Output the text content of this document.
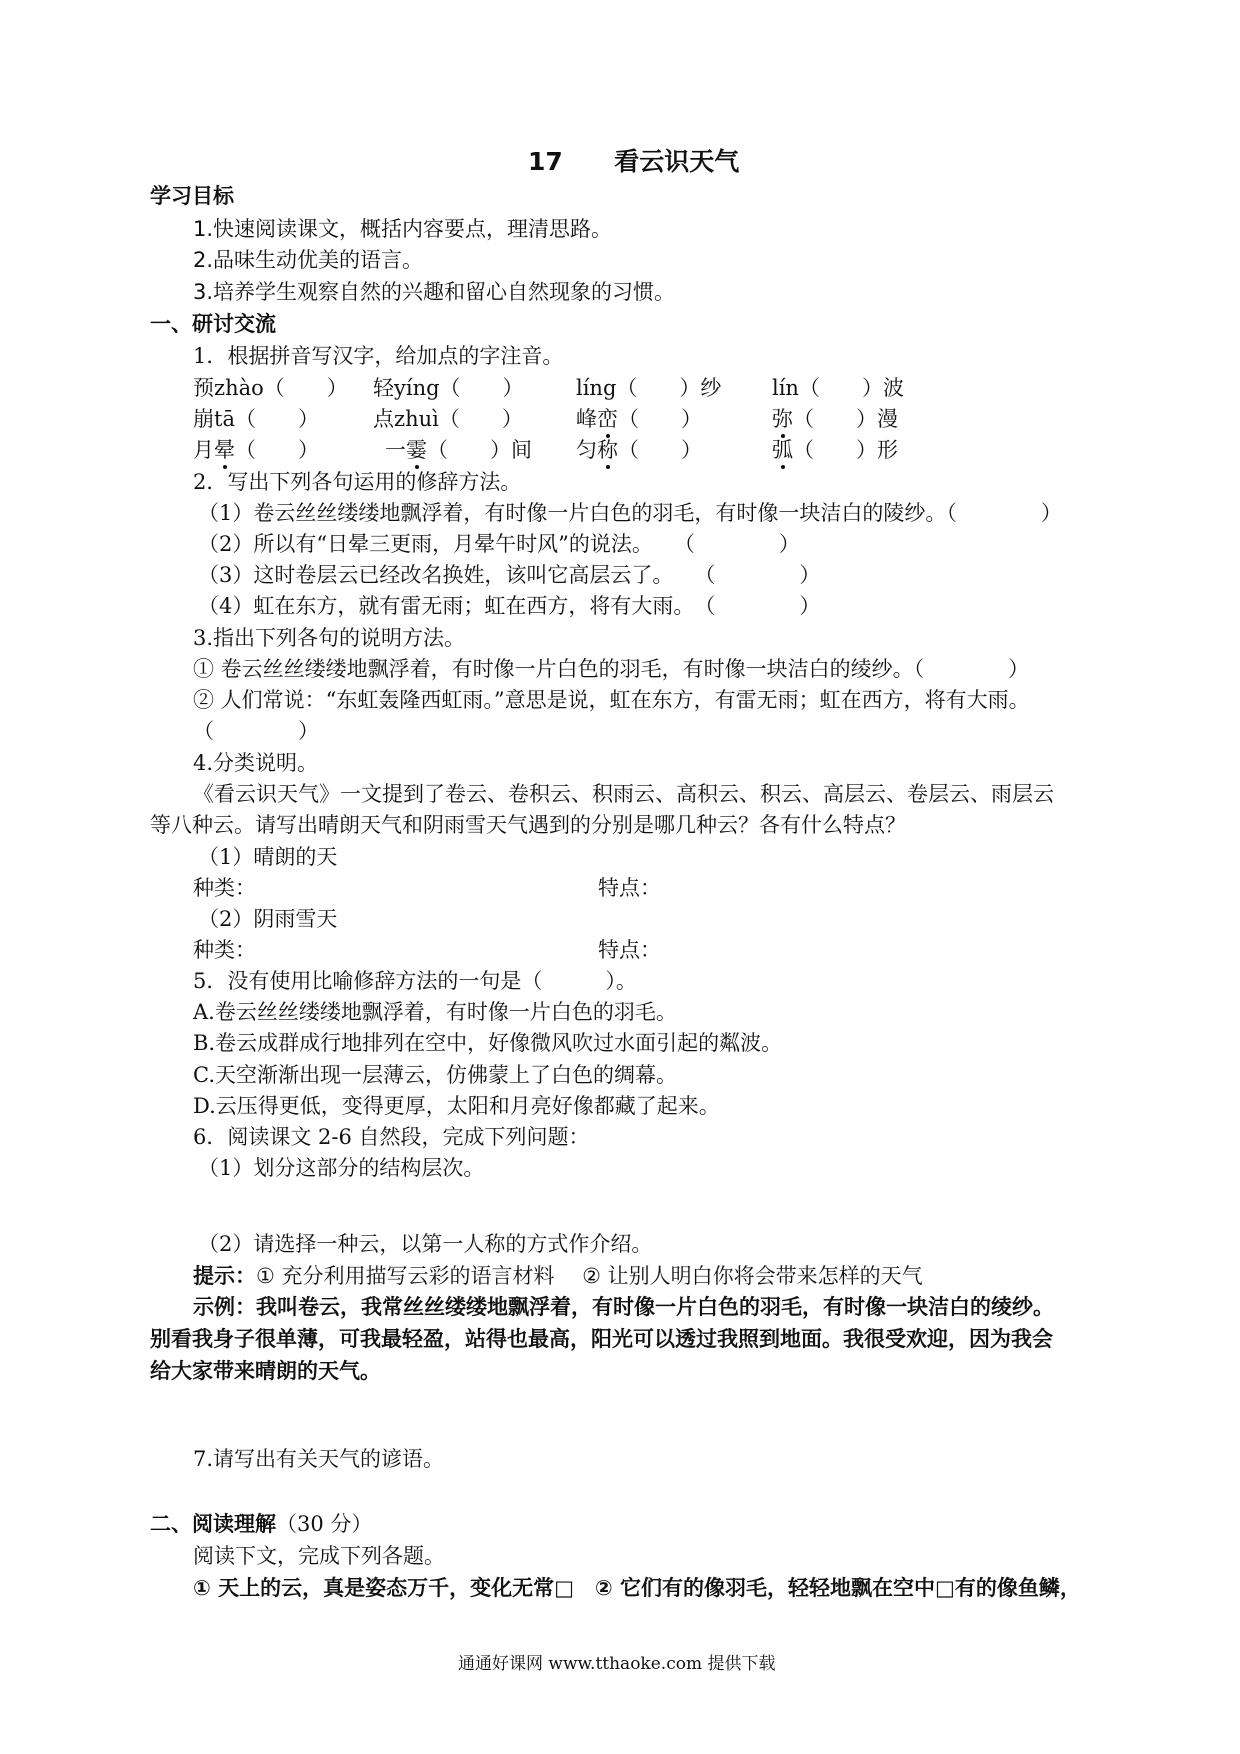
17 看云识天气
学习目标
1.快速阅读课文，概括内容要点，理清思路。
2.品味生动优美的语言。
3.培养学生观察自然的兴趣和留心自然现象的习惯。
一、研讨交流
1．根据拼音写汉字，给加点的字注音。
预zhào（　　） 轻yíng（　　） líng（　　）纱 lín（　　）波
崩tā（　　）	点zhuì（　　）	峰峦（　　）	弥（　　）漫
月晕（　　）	一霎（　　）间 匀称（　　）	弧（　　）形
2．写出下列各句运用的修辞方法。
（1）卷云丝丝缕缕地飘浮着，有时像一片白色的羽毛，有时像一块洁白的陵纱。（　　　　）
（2）所以有“日晕三更雨，月晕午时风”的说法。　　（　　　　）
（3）这时卷层云已经改名换姓，该叫它高层云了。　　（　　　　）
（4）虹在东方，就有雷无雨；虹在西方，将有大雨。　（　　　　）
3.指出下列各句的说明方法。
① 卷云丝丝缕缕地飘浮着，有时像一片白色的羽毛，有时像一块洁白的绫纱。（　　　　）
② 人们常说：“东虹轰隆西虹雨。”意思是说，虹在东方，有雷无雨；虹在西方，将有大雨。
（　　　　）
4.分类说明。
《看云识天气》一文提到了卷云、卷积云、积雨云、高积云、积云、高层云、卷层云、雨层云
等八种云。请写出晴朗天气和阴雨雪天气遇到的分别是哪几种云？各有什么特点？
（1）晴朗的天
种类：	特点：
（2）阴雨雪天
种类：	特点：
5．没有使用比喻修辞方法的一句是（　　　）。
A.卷云丝丝缕缕地飘浮着，有时像一片白色的羽毛。
B.卷云成群成行地排列在空中，好像微风吹过水面引起的粼波。
C.天空渐渐出现一层薄云，仿佛蒙上了白色的绸幕。
D.云压得更低，变得更厚，太阳和月亮好像都藏了起来。
6．阅读课文 2-6 自然段，完成下列问题：
（1）划分这部分的结构层次。
（2）请选择一种云，以第一人称的方式作介绍。
提示：① 充分利用描写云彩的语言材料　 ② 让别人明白你将会带来怎样的天气
示例：我叫卷云，我常丝丝缕缕地飘浮着，有时像一片白色的羽毛，有时像一块洁白的绫纱。
别看我身子很单薄，可我最轻盈，站得也最高，阳光可以透过我照到地面。我很受欢迎，因为我会
给大家带来晴朗的天气。
7.请写出有关天气的谚语。
二、阅读理解（30 分）
阅读下文，完成下列各题。
① 天上的云，真是姿态万千，变化无常□　② 它们有的像羽毛，轻轻地飘在空中□有的像鱼鳞，
通通好课网 www.tthaoke.com 提供下载
